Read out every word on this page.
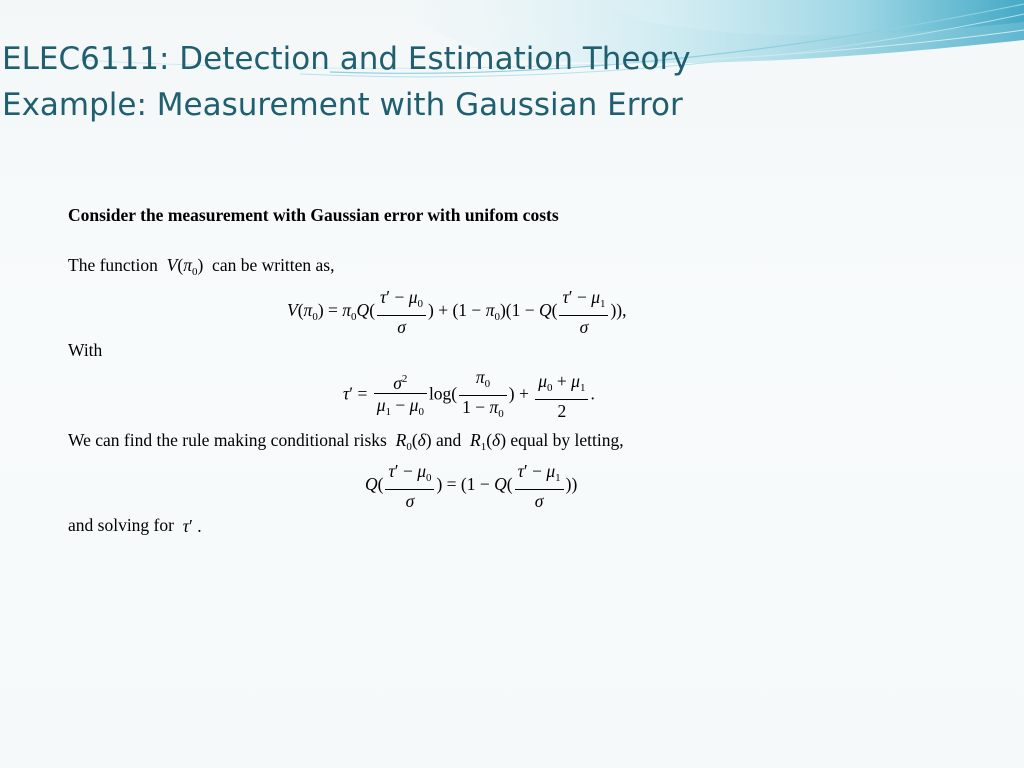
ELEC6111: Detection and Estimation Theory
Example: Measurement with Gaussian Error
Consider the measurement with Gaussian error with unifom costs
The function $V(\pi_0)$  can be written as,
$V(\pi_0) = \pi_0Q( \frac{\tau' - \mu_0}{\sigma}$ ) + $(1 - \pi_0)(1 - Q( \frac{\tau' - \mu_1}{\sigma}$ )),
With
$\tau' = \frac{\sigma^2}{\mu_1 - \mu_0} \log( \frac{\pi_0}{1 - \pi_0}$ ) + $\frac{\mu_0 + \mu_1}{2}$ .
We can find the rule making conditional risks $R_0(\delta)$ and $R_1(\delta)$ equal by letting,
$Q( \frac{\tau' - \mu_0}{\sigma}$ ) = ($1 - Q( \frac{\tau' - \mu_1}{\sigma}$ ))
and solving for τ′ .
